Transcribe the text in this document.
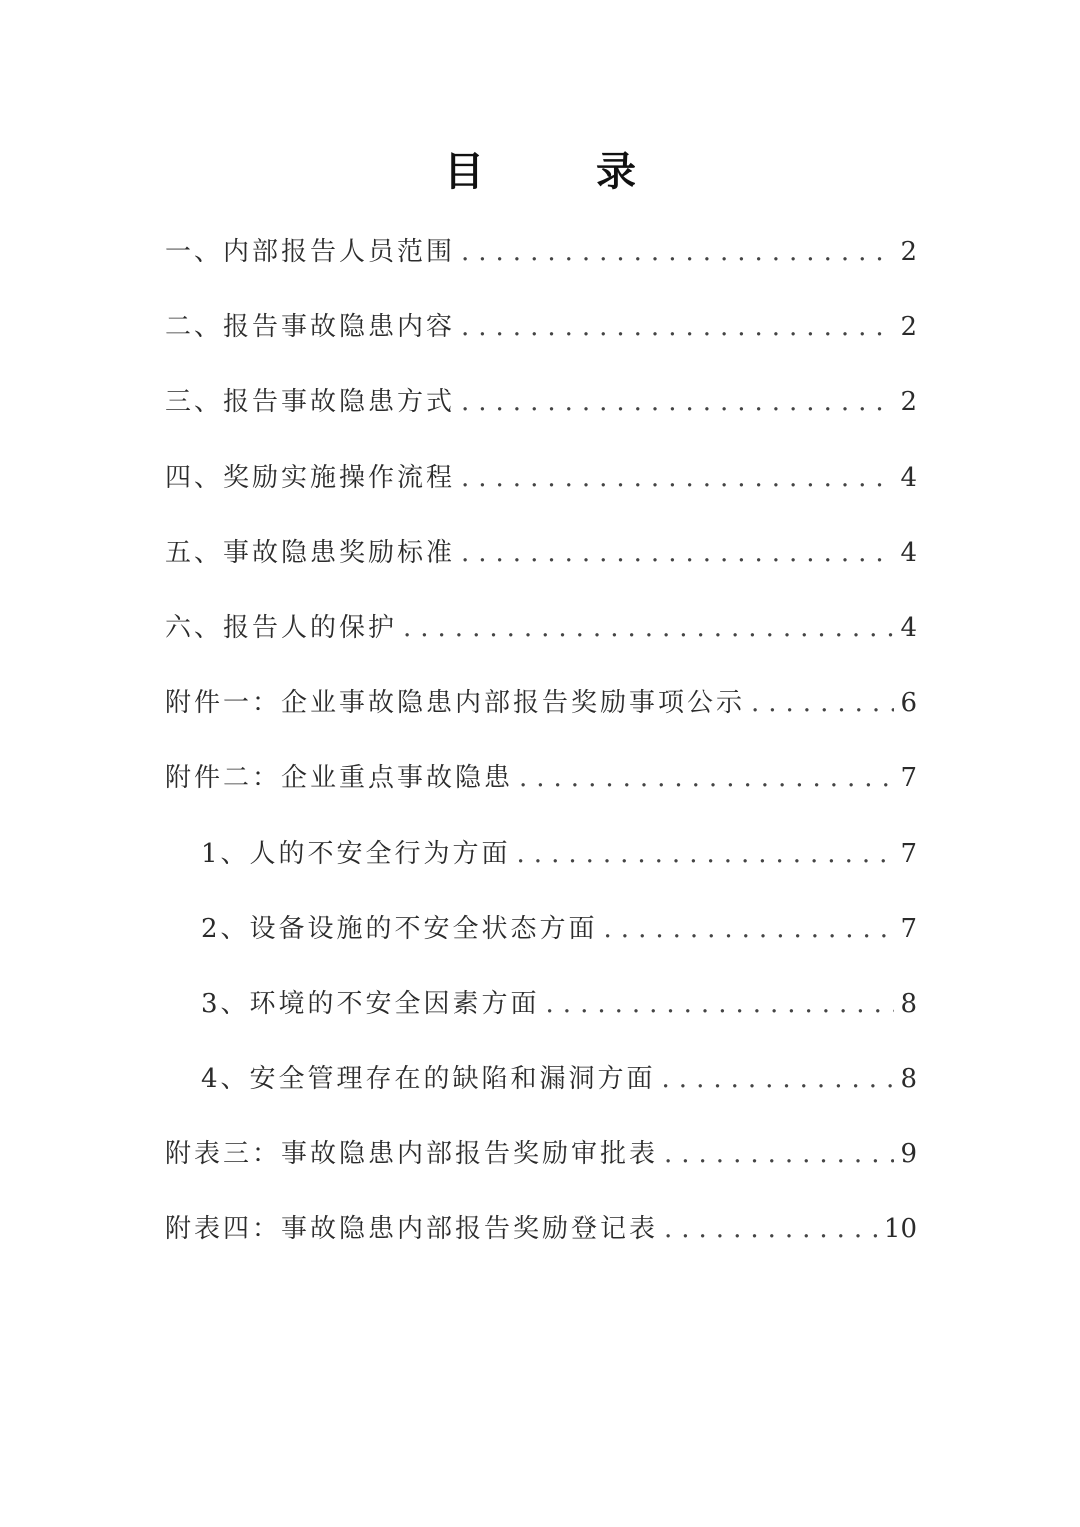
目　录
一、内部报告人员范围 .....	2
二、报告事故隐患内容 .....	2
三、报告事故隐患方式 .....	2
四、奖励实施操作流程 .....	4
五、事故隐患奖励标准 .....	4
六、报告人的保护 .....	4
附件一：企业事故隐患内部报告奖励事项公示 .....	6
附件二：企业重点事故隐患 .....	7
1、人的不安全行为方面 .....	7
2、设备设施的不安全状态方面 .....	7
3、环境的不安全因素方面 .....	8
4、安全管理存在的缺陷和漏洞方面 .....	8
附表三：事故隐患内部报告奖励审批表 .....	9
附表四：事故隐患内部报告奖励登记表 .....	10
